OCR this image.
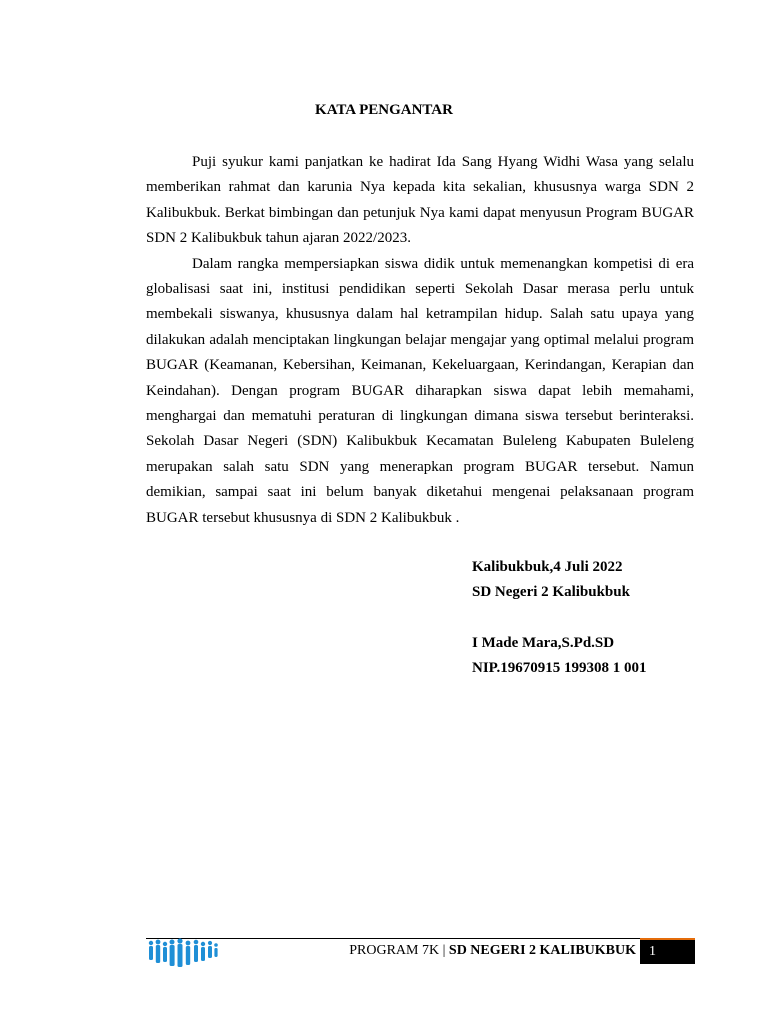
KATA PENGANTAR

Puji syukur kami panjatkan ke hadirat Ida Sang Hyang Widhi Wasa yang selalu memberikan rahmat dan karunia Nya kepada kita sekalian, khususnya warga SDN 2 Kalibukbuk. Berkat bimbingan dan petunjuk Nya kami dapat menyusun Program BUGAR SDN 2 Kalibukbuk tahun ajaran 2022/2023.

Dalam rangka mempersiapkan siswa didik untuk memenangkan kompetisi di era globalisasi saat ini, institusi pendidikan seperti Sekolah Dasar merasa perlu untuk membekali siswanya, khususnya dalam hal ketrampilan hidup. Salah satu upaya yang dilakukan adalah menciptakan lingkungan belajar mengajar yang optimal melalui program BUGAR (Keamanan, Kebersihan, Keimanan, Kekeluargaan, Kerindangan, Kerapian dan Keindahan). Dengan program BUGAR diharapkan siswa dapat lebih memahami, menghargai dan mematuhi peraturan di lingkungan dimana siswa tersebut berinteraksi. Sekolah Dasar Negeri (SDN) Kalibukbuk Kecamatan Buleleng Kabupaten Buleleng merupakan salah satu SDN yang menerapkan program BUGAR tersebut. Namun demikian, sampai saat ini belum banyak diketahui mengenai pelaksanaan program BUGAR tersebut khususnya di SDN 2 Kalibukbuk .

Kalibukbuk,4 Juli 2022
SD Negeri 2 Kalibukbuk
I Made Mara,S.Pd.SD
NIP.19670915 199308 1 001
PROGRAM 7K | SD NEGERI 2 KALIBUKBUK 1
